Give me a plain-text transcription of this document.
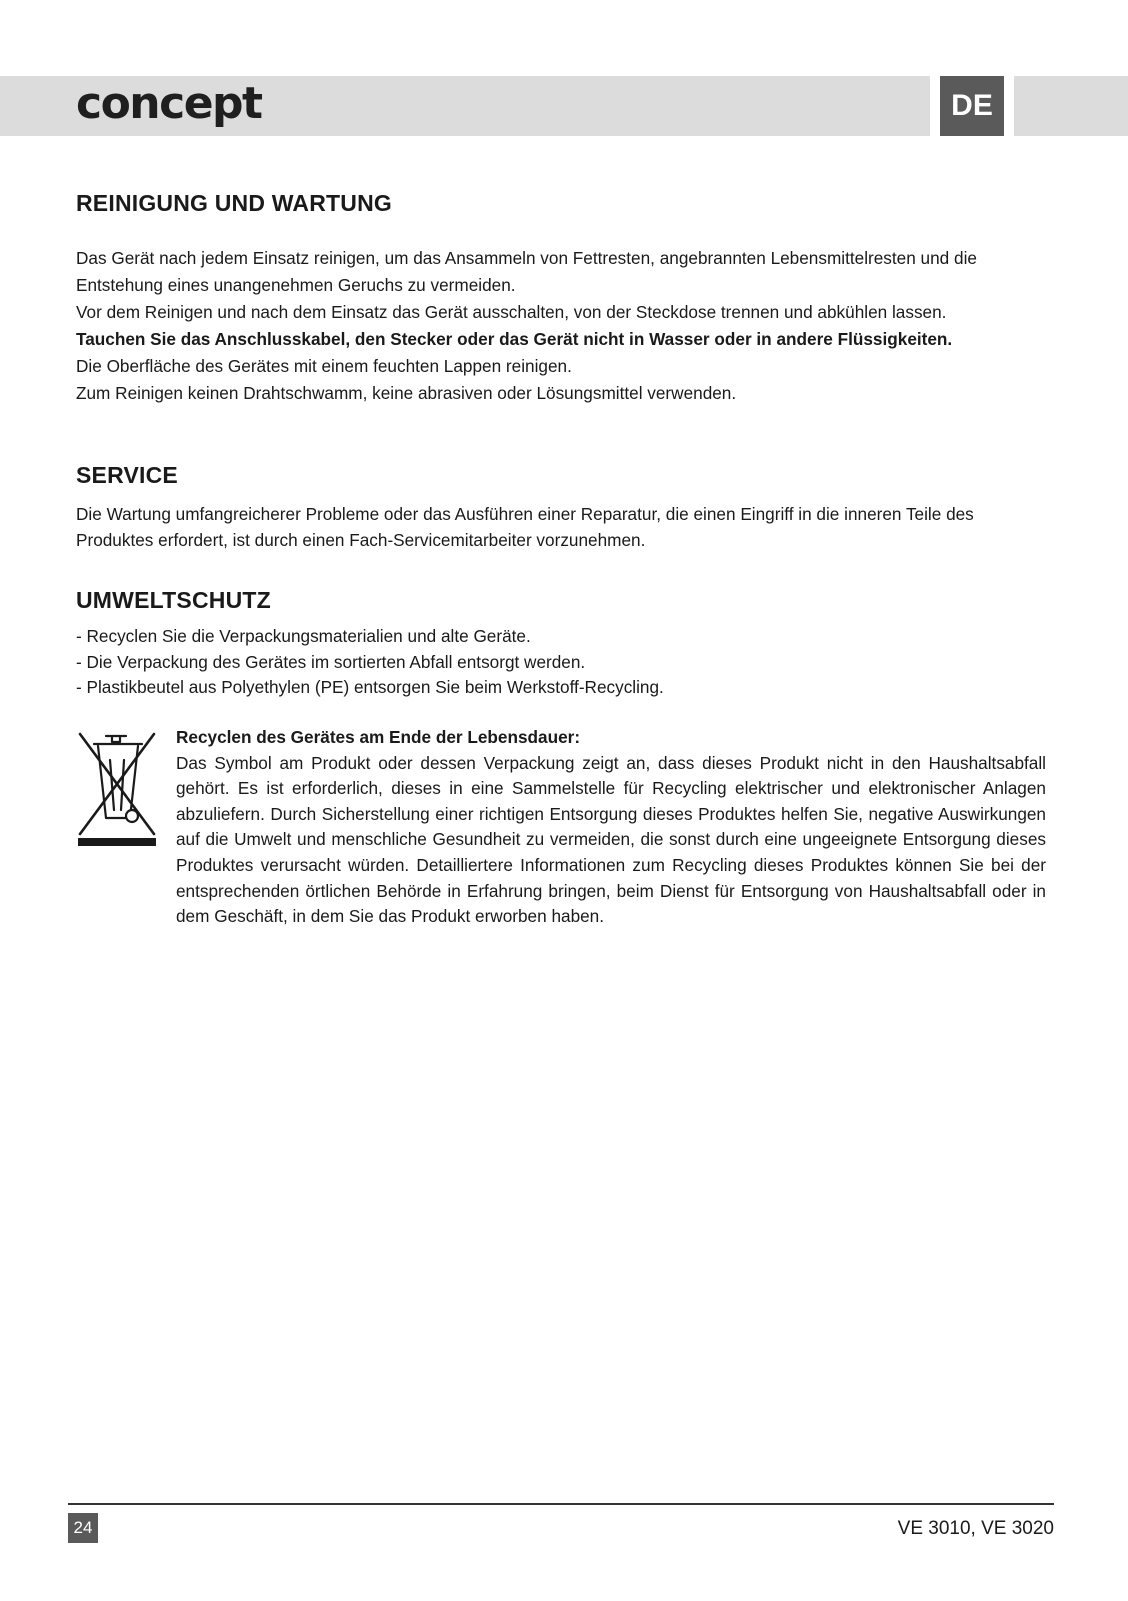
concept	DE
REINIGUNG UND WARTUNG

Das Gerät nach jedem Einsatz reinigen, um das Ansammeln von Fettresten, angebrannten Lebensmittelresten und die Entstehung eines unangenehmen Geruchs zu vermeiden.

Vor dem Reinigen und nach dem Einsatz das Gerät ausschalten, von der Steckdose trennen und abkühlen lassen.

Tauchen Sie das Anschlusskabel, den Stecker oder das Gerät nicht in Wasser oder in andere Flüssigkeiten.

Die Oberfläche des Gerätes mit einem feuchten Lappen reinigen.

Zum Reinigen keinen Drahtschwamm, keine abrasiven oder Lösungsmittel verwenden.

SERVICE

Die Wartung umfangreicherer Probleme oder das Ausführen einer Reparatur, die einen Eingriff in die inneren Teile des Produktes erfordert, ist durch einen Fach-Servicemitarbeiter vorzunehmen.

UMWELTSCHUTZ

- Recyclen Sie die Verpackungsmaterialien und alte Geräte.

- Die Verpackung des Gerätes im sortierten Abfall entsorgt werden.

- Plastikbeutel aus Polyethylen (PE) entsorgen Sie beim Werkstoff-Recycling.

Recyclen des Gerätes am Ende der Lebensdauer:

Das Symbol am Produkt oder dessen Verpackung zeigt an, dass dieses Produkt nicht in den Haushaltsabfall gehört. Es ist erforderlich, dieses in eine Sammelstelle für Recycling elektrischer und elektronischer Anlagen abzuliefern. Durch Sicherstellung einer richtigen Entsorgung dieses Produktes helfen Sie, negative Auswirkungen auf die Umwelt und menschliche Gesundheit zu vermeiden, die sonst durch eine ungeeignete Entsorgung dieses Produktes verursacht würden. Detailliertere Informationen zum Recycling dieses Produktes können Sie bei der entsprechenden örtlichen Behörde in Erfahrung bringen, beim Dienst für Entsorgung von Haushaltsabfall oder in dem Geschäft, in dem Sie das Produkt erworben haben.

24	VE 3010, VE 3020
